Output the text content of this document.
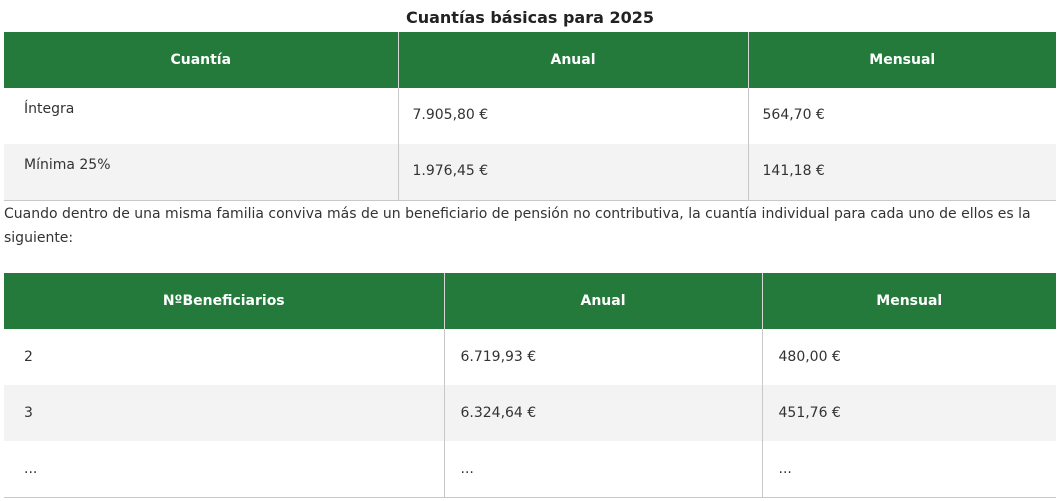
Cuantías básicas para 2025
Cuantía	Anual	Mensual

Íntegra	7.905,80 €	564,70 €

Mínima 25%	1.976,45 €	141,18 €
Cuando dentro de una misma familia conviva más de un beneficiario de pensión no contributiva, la cuantía individual para cada uno de ellos es la siguiente:
NºBeneficiarios	Anual	Mensual
2	6.719,93 €	480,00 €
3	6.324,64 €	451,76 €
...	...	...
